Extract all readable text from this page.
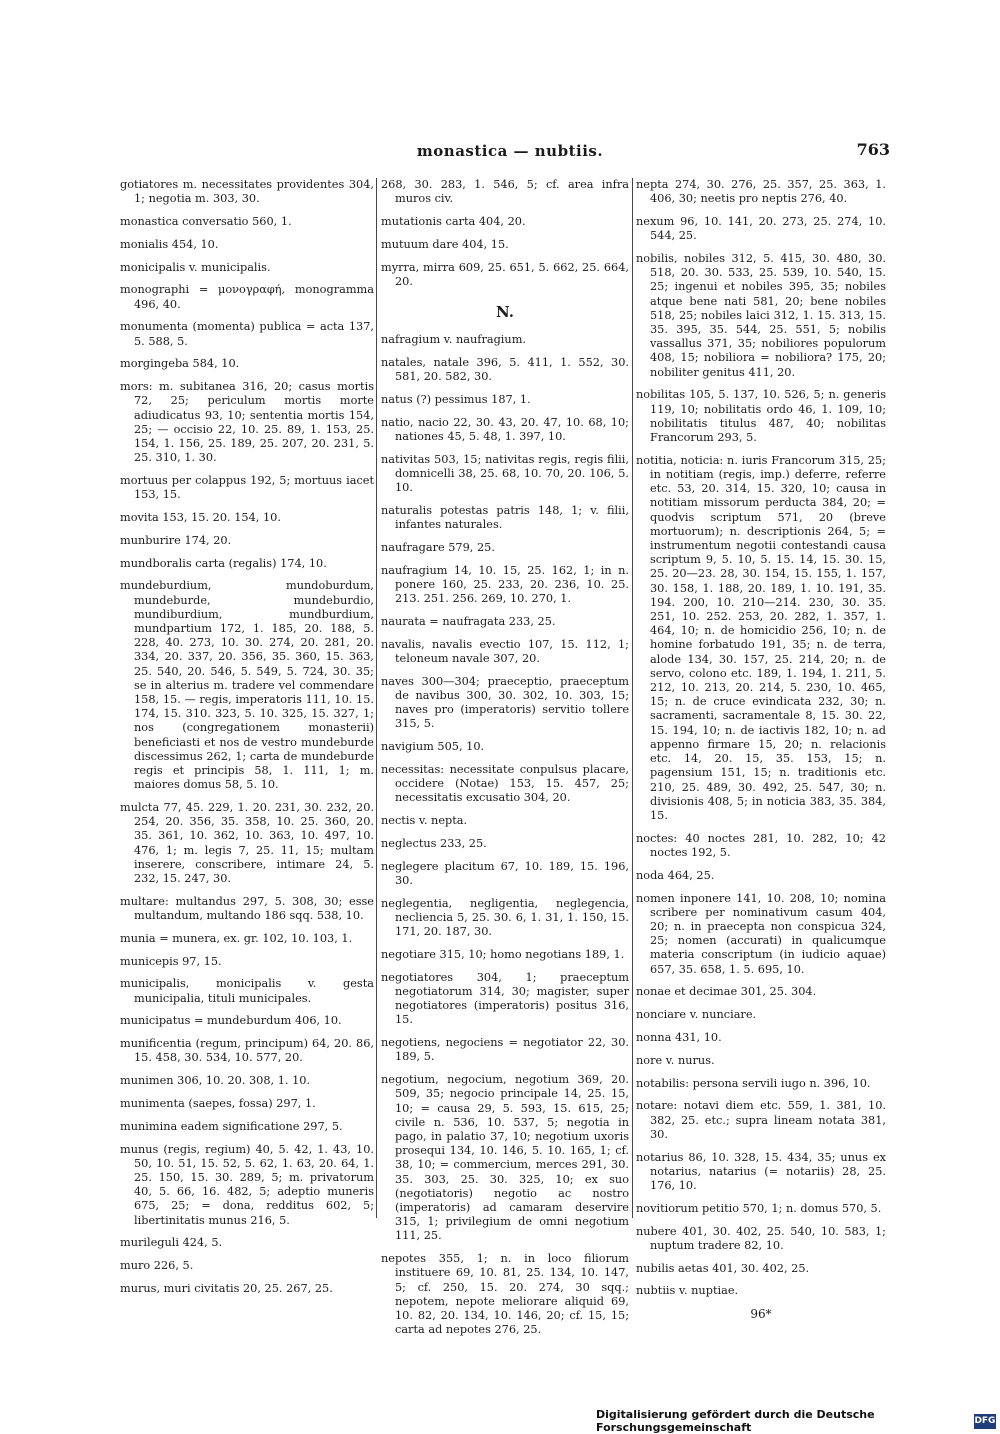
monastica — nubtiis.	763
gotiatores m. necessitates providentes 304, 1; negotia m. 303, 30.
monastica conversatio 560, 1.
monialis 454, 10.
monicipalis v. municipalis.
monographi = μονογραφή, monogramma 496, 40.
monumenta (momenta) publica = acta 137, 5. 588, 5.
morgingeba 584, 10.
mors: m. subitanea 316, 20; casus mortis 72, 25; periculum mortis morte adiudicatus 93, 10; sententia mortis 154, 25; — occisio 22, 10. 25. 89, 1. 153, 25. 154, 1. 156, 25. 189, 25. 207, 20. 231, 5. 25. 310, 1. 30.
mortuus per colappus 192, 5; mortuus iacet 153, 15.
movita 153, 15. 20. 154, 10.
munburire 174, 20.
mundboralis carta (regalis) 174, 10.
mundeburdium, mundoburdum, mundeburde, mundeburdio, mundiburdium, mundburdium, mundpartium 172, 1. 185, 20. 188, 5. 228, 40. 273, 10. 30. 274, 20. 281, 20. 334, 20. 337, 20. 356, 35. 360, 15. 363, 25. 540, 20. 546, 5. 549, 5. 724, 30. 35; se in alterius m. tradere vel commendare 158, 15. — regis, imperatoris 111, 10. 15. 174, 15. 310. 323, 5. 10. 325, 15. 327, 1; nos (congregationem monasterii) beneficiasti et nos de vestro mundeburde discessimus 262, 1; carta de mundeburde regis et principis 58, 1. 111, 1; m. maiores domus 58, 5. 10.
mulcta 77, 45. 229, 1. 20. 231, 30. 232, 20. 254, 20. 356, 35. 358, 10. 25. 360, 20. 35. 361, 10. 362, 10. 363, 10. 497, 10. 476, 1; m. legis 7, 25. 11, 15; multam inserere, conscribere, intimare 24, 5. 232, 15. 247, 30.
multare: multandus 297, 5. 308, 30; esse multandum, multando 186 sqq. 538, 10.
munia = munera, ex. gr. 102, 10. 103, 1.
municepis 97, 15.
municipalis, monicipalis v. gesta municipalia, tituli municipales.
municipatus = mundeburdum 406, 10.
munificentia (regum, principum) 64, 20. 86, 15. 458, 30. 534, 10. 577, 20.
munimen 306, 10. 20. 308, 1. 10.
munimenta (saepes, fossa) 297, 1.
munimina eadem significatione 297, 5.
munus (regis, regium) 40, 5. 42, 1. 43, 10. 50, 10. 51, 15. 52, 5. 62, 1. 63, 20. 64, 1. 25. 150, 15. 30. 289, 5; m. privatorum 40, 5. 66, 16. 482, 5; adeptio muneris 675, 25; = dona, redditus 602, 5; libertinitatis munus 216, 5.
murileguli 424, 5.
muro 226, 5.
murus, muri civitatis 20, 25. 267, 25.
268, 30. 283, 1. 546, 5; cf. area infra muros civ.
mutationis carta 404, 20.
mutuum dare 404, 15.
myrra, mirra 609, 25. 651, 5. 662, 25. 664, 20.
N.
nafragium v. naufragium.
natales, natale 396, 5. 411, 1. 552, 30. 581, 20. 582, 30.
natus (?) pessimus 187, 1.
natio, nacio 22, 30. 43, 20. 47, 10. 68, 10; nationes 45, 5. 48, 1. 397, 10.
nativitas 503, 15; nativitas regis, regis filii, domnicelli 38, 25. 68, 10. 70, 20. 106, 5. 10.
naturalis potestas patris 148, 1; v. filii, infantes naturales.
naufragare 579, 25.
naufragium 14, 10. 15, 25. 162, 1; in n. ponere 160, 25. 233, 20. 236, 10. 25. 213. 251. 256. 269, 10. 270, 1.
naurata = naufragata 233, 25.
navalis, navalis evectio 107, 15. 112, 1; teloneum navale 307, 20.
naves 300—304; praeceptio, praeceptum de navibus 300, 30. 302, 10. 303, 15; naves pro (imperatoris) servitio tollere 315, 5.
navigium 505, 10.
necessitas: necessitate conpulsus placare, occidere (Notae) 153, 15. 457, 25; necessitatis excusatio 304, 20.
nectis v. nepta.
neglectus 233, 25.
neglegere placitum 67, 10. 189, 15. 196, 30.
neglegentia, negligentia, neglegencia, necliencia 5, 25. 30. 6, 1. 31, 1. 150, 15. 171, 20. 187, 30.
negotiare 315, 10; homo negotians 189, 1.
negotiatores 304, 1; praeceptum negotiatorum 314, 30; magister, super negotiatores (imperatoris) positus 316, 15.
negotiens, negociens = negotiator 22, 30. 189, 5.
negotium, negocium, negotium 369, 20. 509, 35; negocio principale 14, 25. 15, 10; = causa 29, 5. 593, 15. 615, 25; civile n. 536, 10. 537, 5; negotia in pago, in palatio 37, 10; negotium uxoris prosequi 134, 10. 146, 5. 10. 165, 1; cf. 38, 10; = commercium, merces 291, 30. 35. 303, 25. 30. 325, 10; ex suo (negotiatoris) negotio ac nostro (imperatoris) ad camaram deservire 315, 1; privilegium de omni negotium 111, 25.
nepotes 355, 1; n. in loco filiorum instituere 69, 10. 81, 25. 134, 10. 147, 5; cf. 250, 15. 20. 274, 30 sqq.; nepotem, nepote meliorare aliquid 69, 10. 82, 20. 134, 10. 146, 20; cf. 15, 15; carta ad nepotes 276, 25.
nepta 274, 30. 276, 25. 357, 25. 363, 1. 406, 30; neetis pro neptis 276, 40.
nexum 96, 10. 141, 20. 273, 25. 274, 10. 544, 25.
nobilis, nobiles 312, 5. 415, 30. 480, 30. 518, 20. 30. 533, 25. 539, 10. 540, 15. 25; ingenui et nobiles 395, 35; nobiles atque bene nati 581, 20; bene nobiles 518, 25; nobiles laici 312, 1. 15. 313, 15. 35. 395, 35. 544, 25. 551, 5; nobilis vassallus 371, 35; nobiliores populorum 408, 15; nobiliora = nobiliora? 175, 20; nobiliter genitus 411, 20.
nobilitas 105, 5. 137, 10. 526, 5; n. generis 119, 10; nobilitatis ordo 46, 1. 109, 10; nobilitatis titulus 487, 40; nobilitas Francorum 293, 5.
notitia, noticia: n. iuris Francorum 315, 25; in notitiam (regis, imp.) deferre, referre etc. 53, 20. 314, 15. 320, 10; causa in notitiam missorum perducta 384, 20; = quodvis scriptum 571, 20 (breve mortuorum); n. descriptionis 264, 5; = instrumentum negotii contestandi causa scriptum 9, 5. 10, 5. 15. 14, 15. 30. 15, 25. 20—23. 28, 30. 154, 15. 155, 1. 157, 30. 158, 1. 188, 20. 189, 1. 10. 191, 35. 194. 200, 10. 210—214. 230, 30. 35. 251, 10. 252. 253, 20. 282, 1. 357, 1. 464, 10; n. de homicidio 256, 10; n. de homine forbatudo 191, 35; n. de terra, alode 134, 30. 157, 25. 214, 20; n. de servo, colono etc. 189, 1. 194, 1. 211, 5. 212, 10. 213, 20. 214, 5. 230, 10. 465, 15; n. de cruce evindicata 232, 30; n. sacramenti, sacramentale 8, 15. 30. 22, 15. 194, 10; n. de iactivis 182, 10; n. ad appenno firmare 15, 20; n. relacionis etc. 14, 20. 15, 35. 153, 15; n. pagensium 151, 15; n. traditionis etc. 210, 25. 489, 30. 492, 25. 547, 30; n. divisionis 408, 5; in noticia 383, 35. 384, 15.
noctes: 40 noctes 281, 10. 282, 10; 42 noctes 192, 5.
noda 464, 25.
nomen inponere 141, 10. 208, 10; nomina scribere per nominativum casum 404, 20; n. in praecepta non conspicua 324, 25; nomen (accurati) in qualicumque materia conscriptum (in iudicio aquae) 657, 35. 658, 1. 5. 695, 10.
nonae et decimae 301, 25. 304.
nonciare v. nunciare.
nonna 431, 10.
nore v. nurus.
notabilis: persona servili iugo n. 396, 10.
notare: notavi diem etc. 559, 1. 381, 10. 382, 25. etc.; supra lineam notata 381, 30.
notarius 86, 10. 328, 15. 434, 35; unus ex notarius, natarius (= notariis) 28, 25. 176, 10.
novitiorum petitio 570, 1; n. domus 570, 5.
nubere 401, 30. 402, 25. 540, 10. 583, 1; nuptum tradere 82, 10.
nubilis aetas 401, 30. 402, 25.
nubtiis v. nuptiae.
96*
Digitalisierung gefördert durch die Deutsche Forschungsgemeinschaft	DFG
